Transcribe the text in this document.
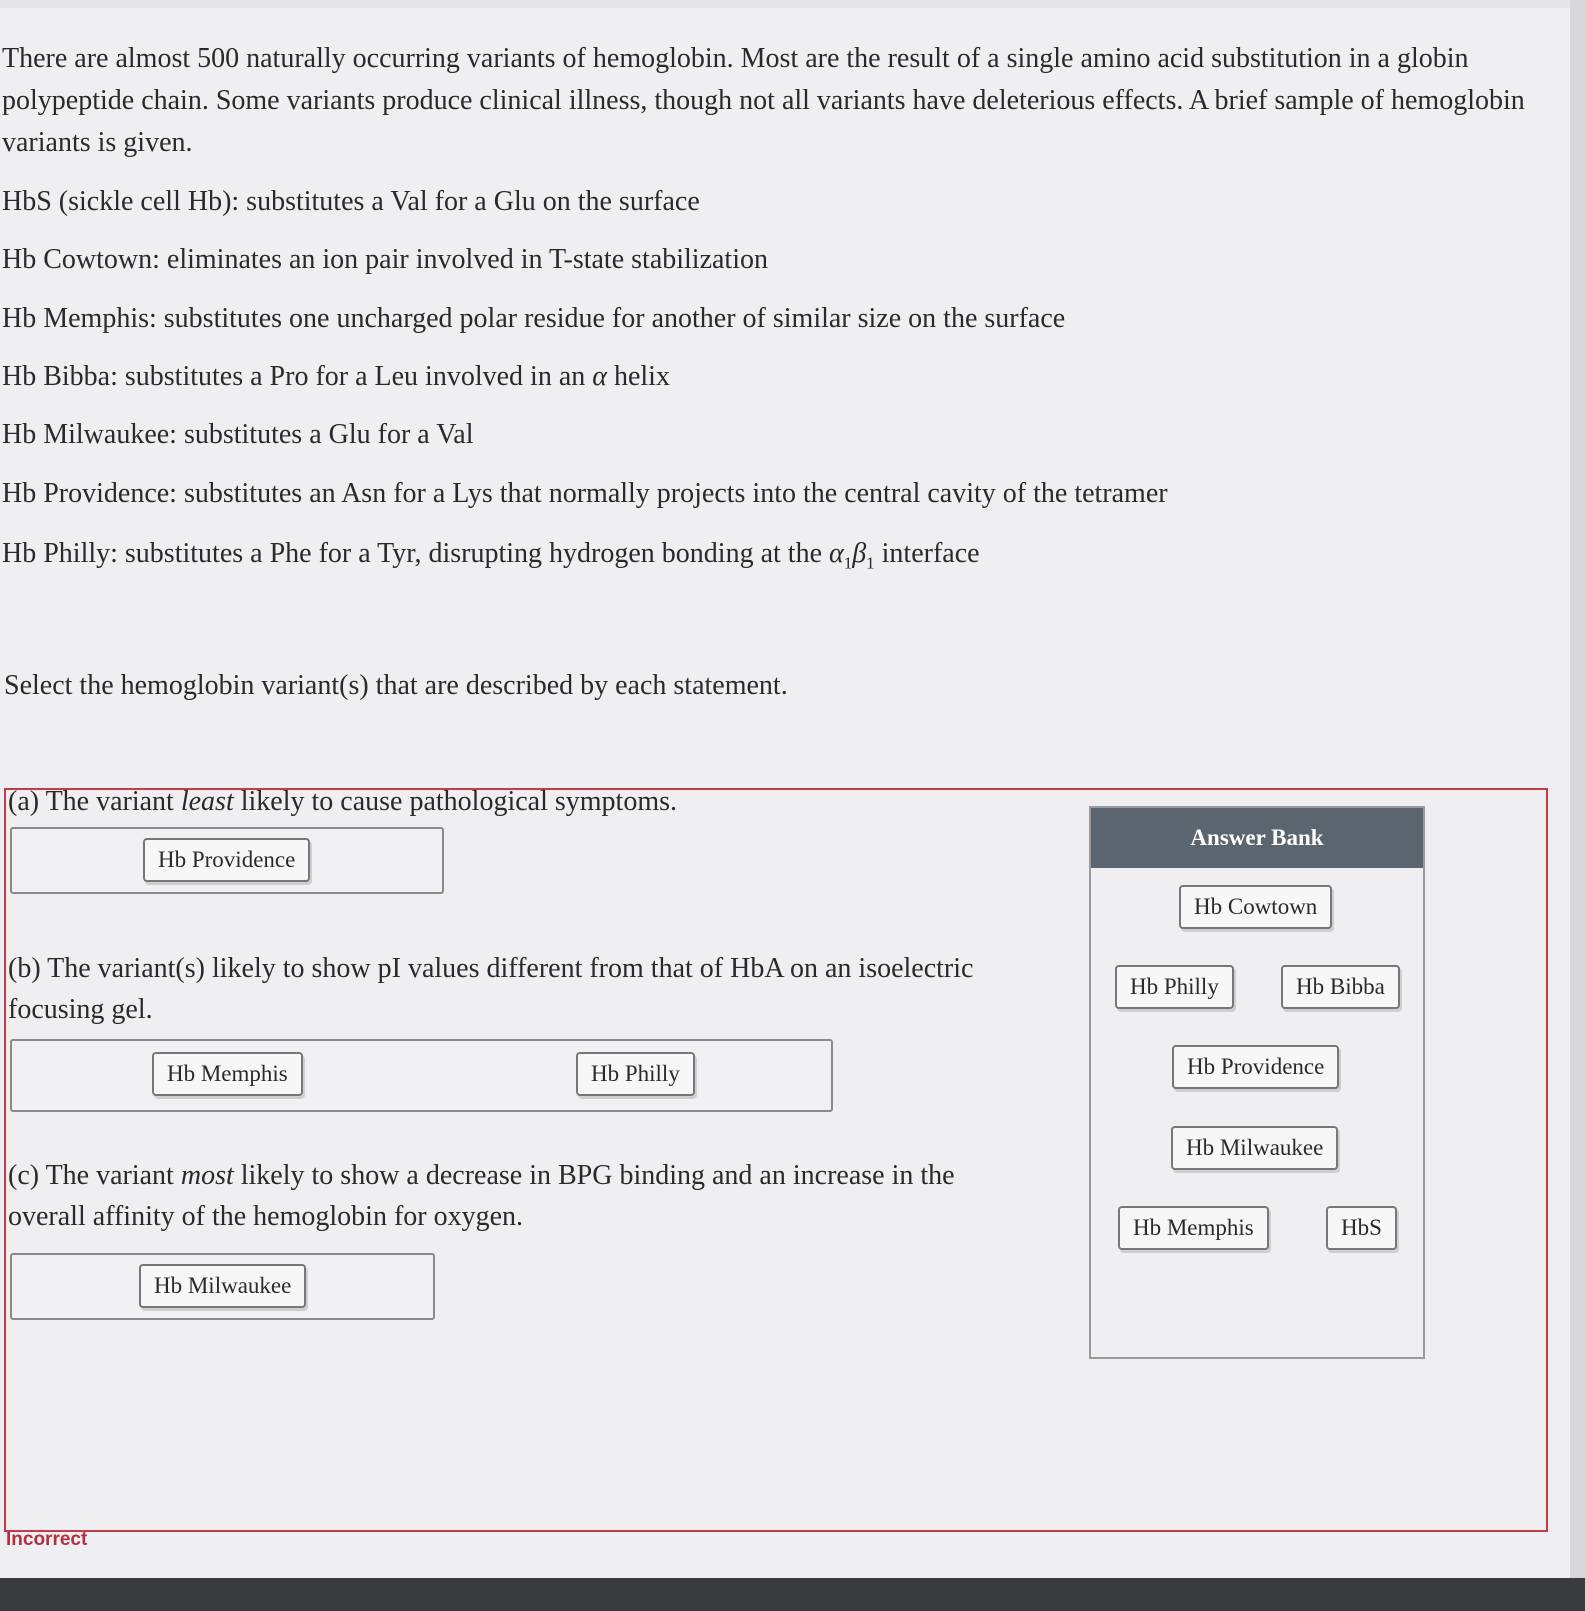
There are almost 500 naturally occurring variants of hemoglobin. Most are the result of a single amino acid substitution in a globin polypeptide chain. Some variants produce clinical illness, though not all variants have deleterious effects. A brief sample of hemoglobin variants is given.
HbS (sickle cell Hb): substitutes a Val for a Glu on the surface
Hb Cowtown: eliminates an ion pair involved in T-state stabilization
Hb Memphis: substitutes one uncharged polar residue for another of similar size on the surface
Hb Bibba: substitutes a Pro for a Leu involved in an α helix
Hb Milwaukee: substitutes a Glu for a Val
Hb Providence: substitutes an Asn for a Lys that normally projects into the central cavity of the tetramer
Hb Philly: substitutes a Phe for a Tyr, disrupting hydrogen bonding at the $\alpha_1\beta_1$ interface
Select the hemoglobin variant(s) that are described by each statement.
(a) The variant least likely to cause pathological symptoms.
Hb Providence
(b) The variant(s) likely to show pI values different from that of HbA on an isoelectric focusing gel.
Hb Memphis	Hb Philly
(c) The variant most likely to show a decrease in BPG binding and an increase in the overall affinity of the hemoglobin for oxygen.
Hb Milwaukee
Answer Bank
Hb Cowtown
Hb Philly	Hb Bibba
Hb Providence
Hb Milwaukee
Hb Memphis	HbS
Incorrect
